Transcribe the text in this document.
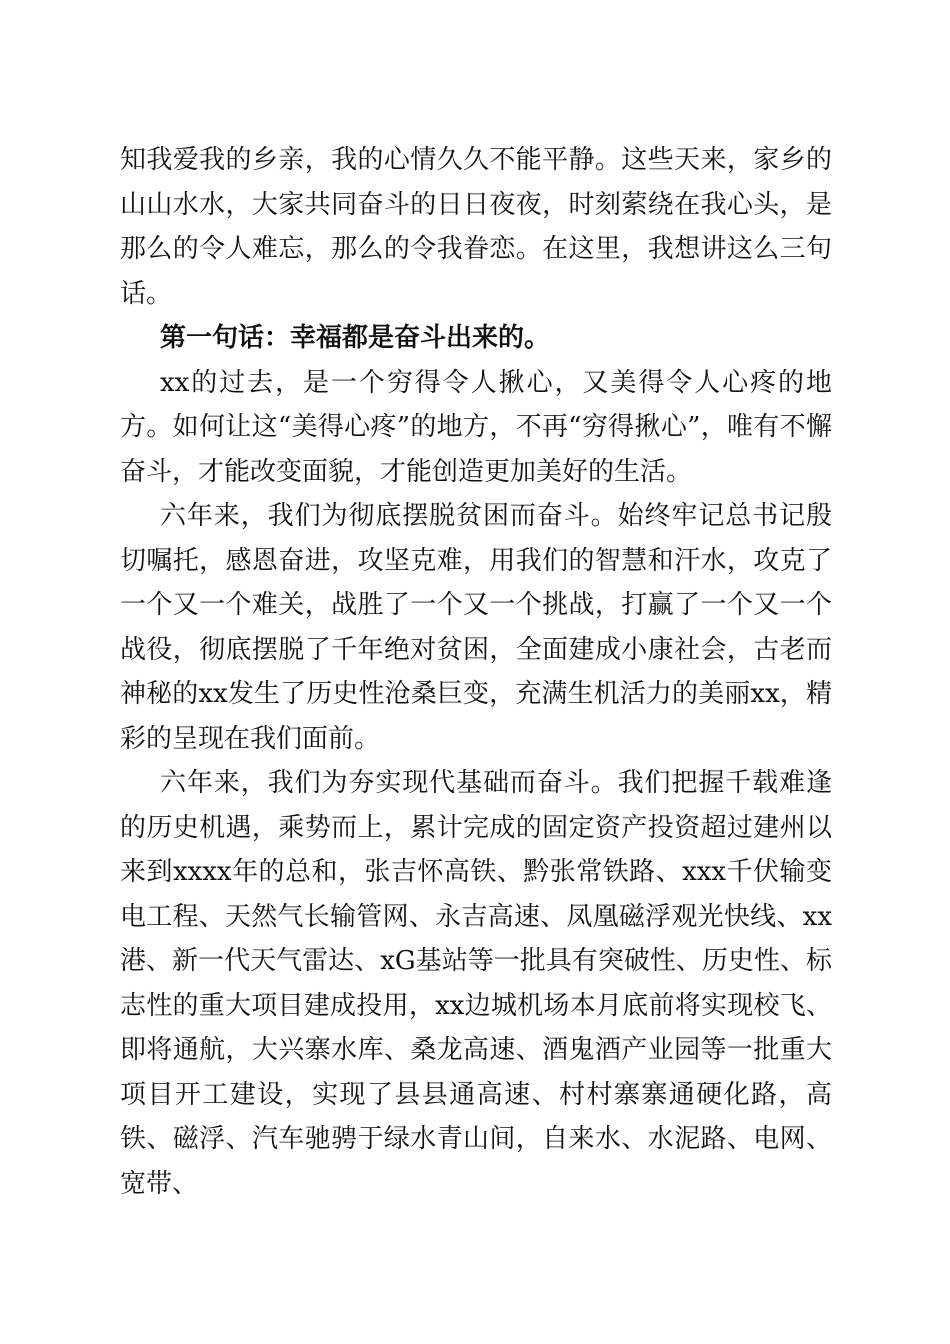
知我爱我的乡亲，我的心情久久不能平静。这些天来，家乡的山山水水，大家共同奋斗的日日夜夜，时刻萦绕在我心头，是那么的令人难忘，那么的令我眷恋。在这里，我想讲这么三句话。

第一句话：幸福都是奋斗出来的。

xx的过去，是一个穷得令人揪心，又美得令人心疼的地方。如何让这“美得心疼”的地方，不再“穷得揪心”，唯有不懈奋斗，才能改变面貌，才能创造更加美好的生活。

六年来，我们为彻底摆脱贫困而奋斗。始终牢记总书记殷切嘱托，感恩奋进，攻坚克难，用我们的智慧和汗水，攻克了一个又一个难关，战胜了一个又一个挑战，打赢了一个又一个战役，彻底摆脱了千年绝对贫困，全面建成小康社会，古老而神秘的xx发生了历史性沧桑巨变，充满生机活力的美丽xx，精彩的呈现在我们面前。

六年来，我们为夯实现代基础而奋斗。我们把握千载难逢的历史机遇，乘势而上，累计完成的固定资产投资超过建州以来到xxxx年的总和，张吉怀高铁、黔张常铁路、xxx千伏输变电工程、天然气长输管网、永吉高速、凤凰磁浮观光快线、xx港、新一代天气雷达、xG基站等一批具有突破性、历史性、标志性的重大项目建成投用，xx边城机场本月底前将实现校飞、即将通航，大兴寨水库、桑龙高速、酒鬼酒产业园等一批重大项目开工建设，实现了县县通高速、村村寨寨通硬化路，高铁、磁浮、汽车驰骋于绿水青山间，自来水、水泥路、电网、宽带、
